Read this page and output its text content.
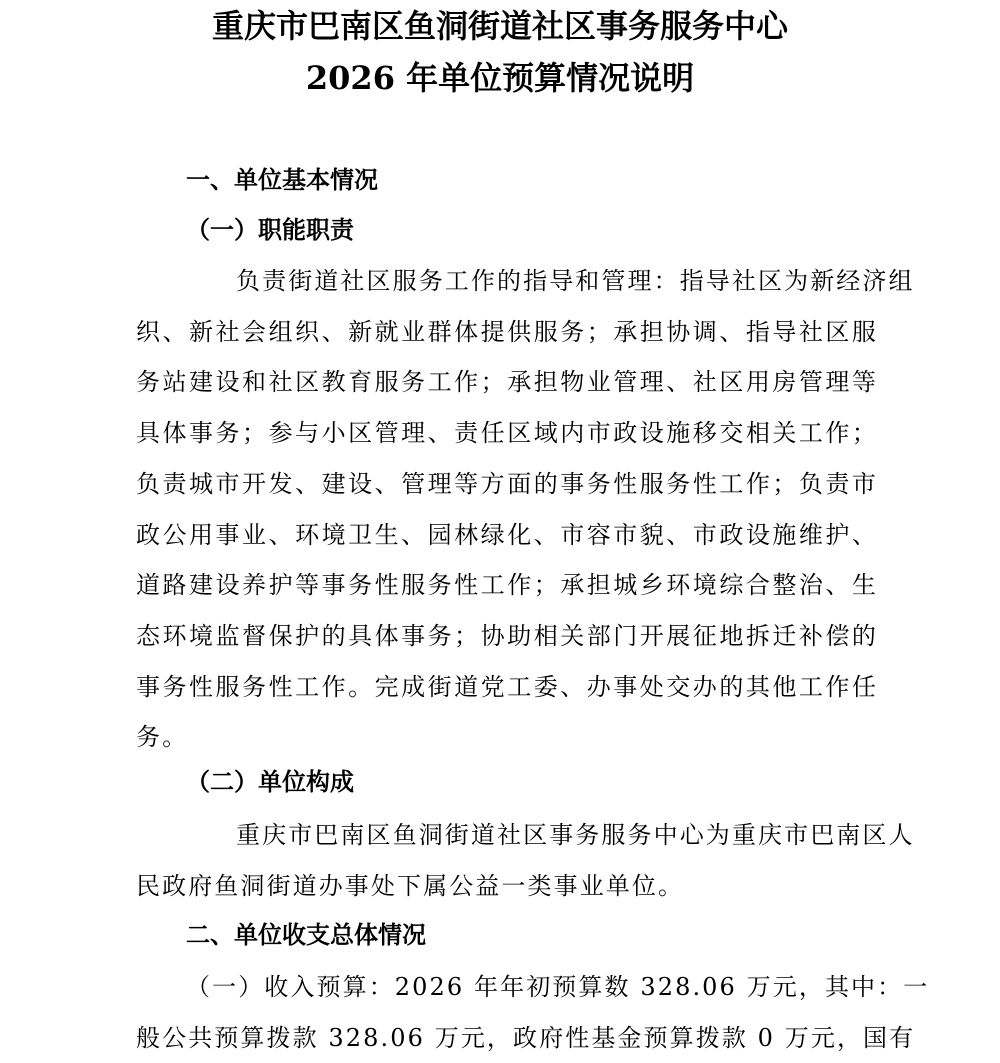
重庆市巴南区鱼洞街道社区事务服务中心
2026 年单位预算情况说明
一、单位基本情况
（一）职能职责
负责街道社区服务工作的指导和管理：指导社区为新经济组
织、新社会组织、新就业群体提供服务；承担协调、指导社区服
务站建设和社区教育服务工作；承担物业管理、社区用房管理等
具体事务；参与小区管理、责任区域内市政设施移交相关工作；
负责城市开发、建设、管理等方面的事务性服务性工作；负责市
政公用事业、环境卫生、园林绿化、市容市貌、市政设施维护、
道路建设养护等事务性服务性工作；承担城乡环境综合整治、生
态环境监督保护的具体事务；协助相关部门开展征地拆迁补偿的
事务性服务性工作。完成街道党工委、办事处交办的其他工作任
务。
（二）单位构成
重庆市巴南区鱼洞街道社区事务服务中心为重庆市巴南区人
民政府鱼洞街道办事处下属公益一类事业单位。
二、单位收支总体情况
（一）收入预算：2026 年年初预算数 328.06 万元，其中：一
般公共预算拨款 328.06 万元，政府性基金预算拨款 0 万元，国有
